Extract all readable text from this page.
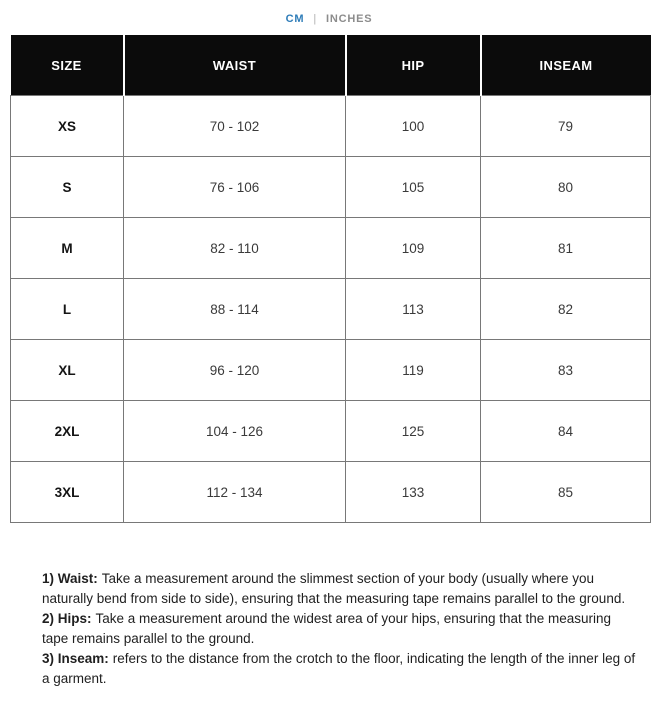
CM | INCHES
SIZE	WAIST	HIP	INSEAM
XS	70 - 102	100	79
S	76 - 106	105	80
M	82 - 110	109	81
L	88 - 114	113	82
XL	96 - 120	119	83
2XL	104 - 126	125	84
3XL	112 - 134	133	85
1) Waist: Take a measurement around the slimmest section of your body (usually where you naturally bend from side to side), ensuring that the measuring tape remains parallel to the ground.
2) Hips: Take a measurement around the widest area of your hips, ensuring that the measuring tape remains parallel to the ground.
3) Inseam: refers to the distance from the crotch to the floor, indicating the length of the inner leg of a garment.
